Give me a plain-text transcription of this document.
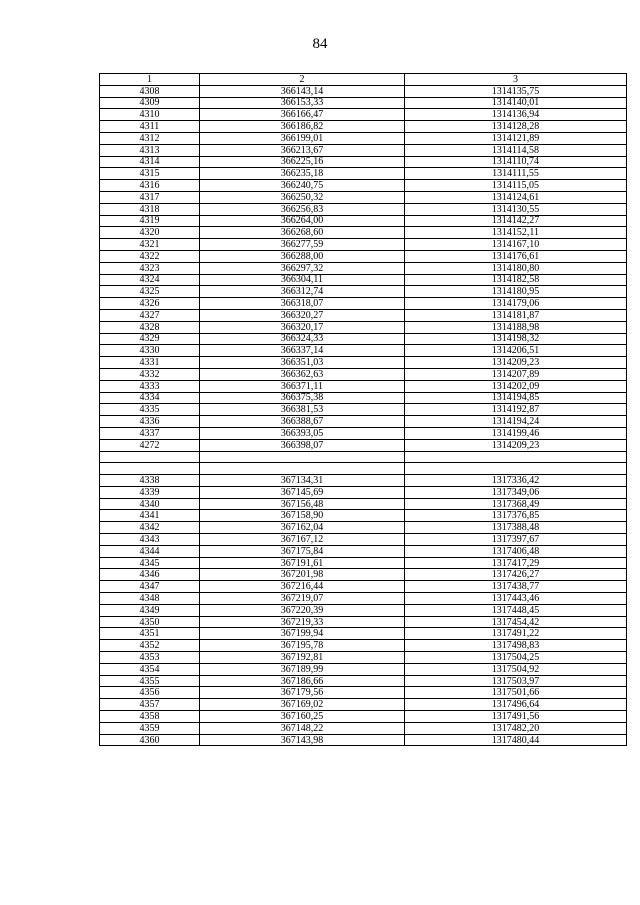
84
1	2	3
4308	366143,14	1314135,75
4309	366153,33	1314140,01
4310	366166,47	1314136,94
4311	366186,82	1314128,28
4312	366199,01	1314121,89
4313	366213,67	1314114,58
4314	366225,16	1314110,74
4315	366235,18	1314111,55
4316	366240,75	1314115,05
4317	366250,32	1314124,61
4318	366256,83	1314130,55
4319	366264,00	1314142,27
4320	366268,60	1314152,11
4321	366277,59	1314167,10
4322	366288,00	1314176,61
4323	366297,32	1314180,80
4324	366304,11	1314182,58
4325	366312,74	1314180,95
4326	366318,07	1314179,06
4327	366320,27	1314181,87
4328	366320,17	1314188,98
4329	366324,33	1314198,32
4330	366337,14	1314206,51
4331	366351,03	1314209,23
4332	366362,63	1314207,89
4333	366371,11	1314202,09
4334	366375,38	1314194,85
4335	366381,53	1314192,87
4336	366388,67	1314194,24
4337	366393,05	1314199,46
4272	366398,07	1314209,23

4338	367134,31	1317336,42
4339	367145,69	1317349,06
4340	367156,48	1317368,49
4341	367158,90	1317376,85
4342	367162,04	1317388,48
4343	367167,12	1317397,67
4344	367175,84	1317406,48
4345	367191,61	1317417,29
4346	367201,98	1317426,27
4347	367216,44	1317438,77
4348	367219,07	1317443,46
4349	367220,39	1317448,45
4350	367219,33	1317454,42
4351	367199,94	1317491,22
4352	367195,78	1317498,83
4353	367192,81	1317504,25
4354	367189,99	1317504,92
4355	367186,66	1317503,97
4356	367179,56	1317501,66
4357	367169,02	1317496,64
4358	367160,25	1317491,56
4359	367148,22	1317482,20
4360	367143,98	1317480,44
